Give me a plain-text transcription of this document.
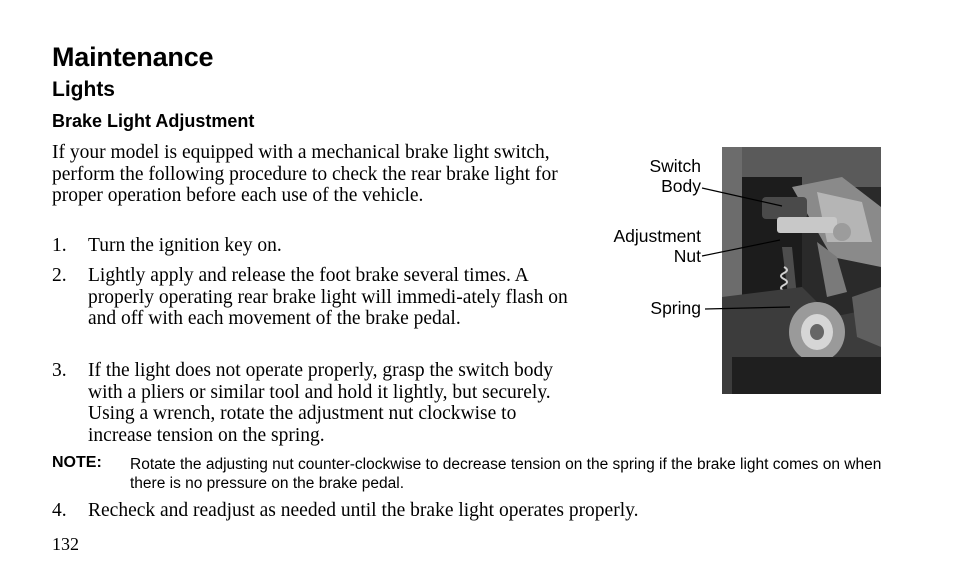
Maintenance
Lights
Brake Light Adjustment
If your model is equipped with a mechanical brake light switch, perform the following procedure to check the rear brake light for proper operation before each use of the vehicle.
1. Turn the ignition key on.
2. Lightly apply and release the foot brake several times. A properly operating rear brake light will immedi-ately flash on and off with each movement of the brake pedal.
3. If the light does not operate properly, grasp the switch body with a pliers or similar tool and hold it lightly, but securely. Using a wrench, rotate the adjustment nut clockwise to increase tension on the spring.
NOTE: Rotate the adjusting nut counter-clockwise to decrease tension on the spring if the brake light comes on when there is no pressure on the brake pedal.
4. Recheck and readjust as needed until the brake light operates properly.
132
Switch
Body
Adjustment
Nut
Spring
